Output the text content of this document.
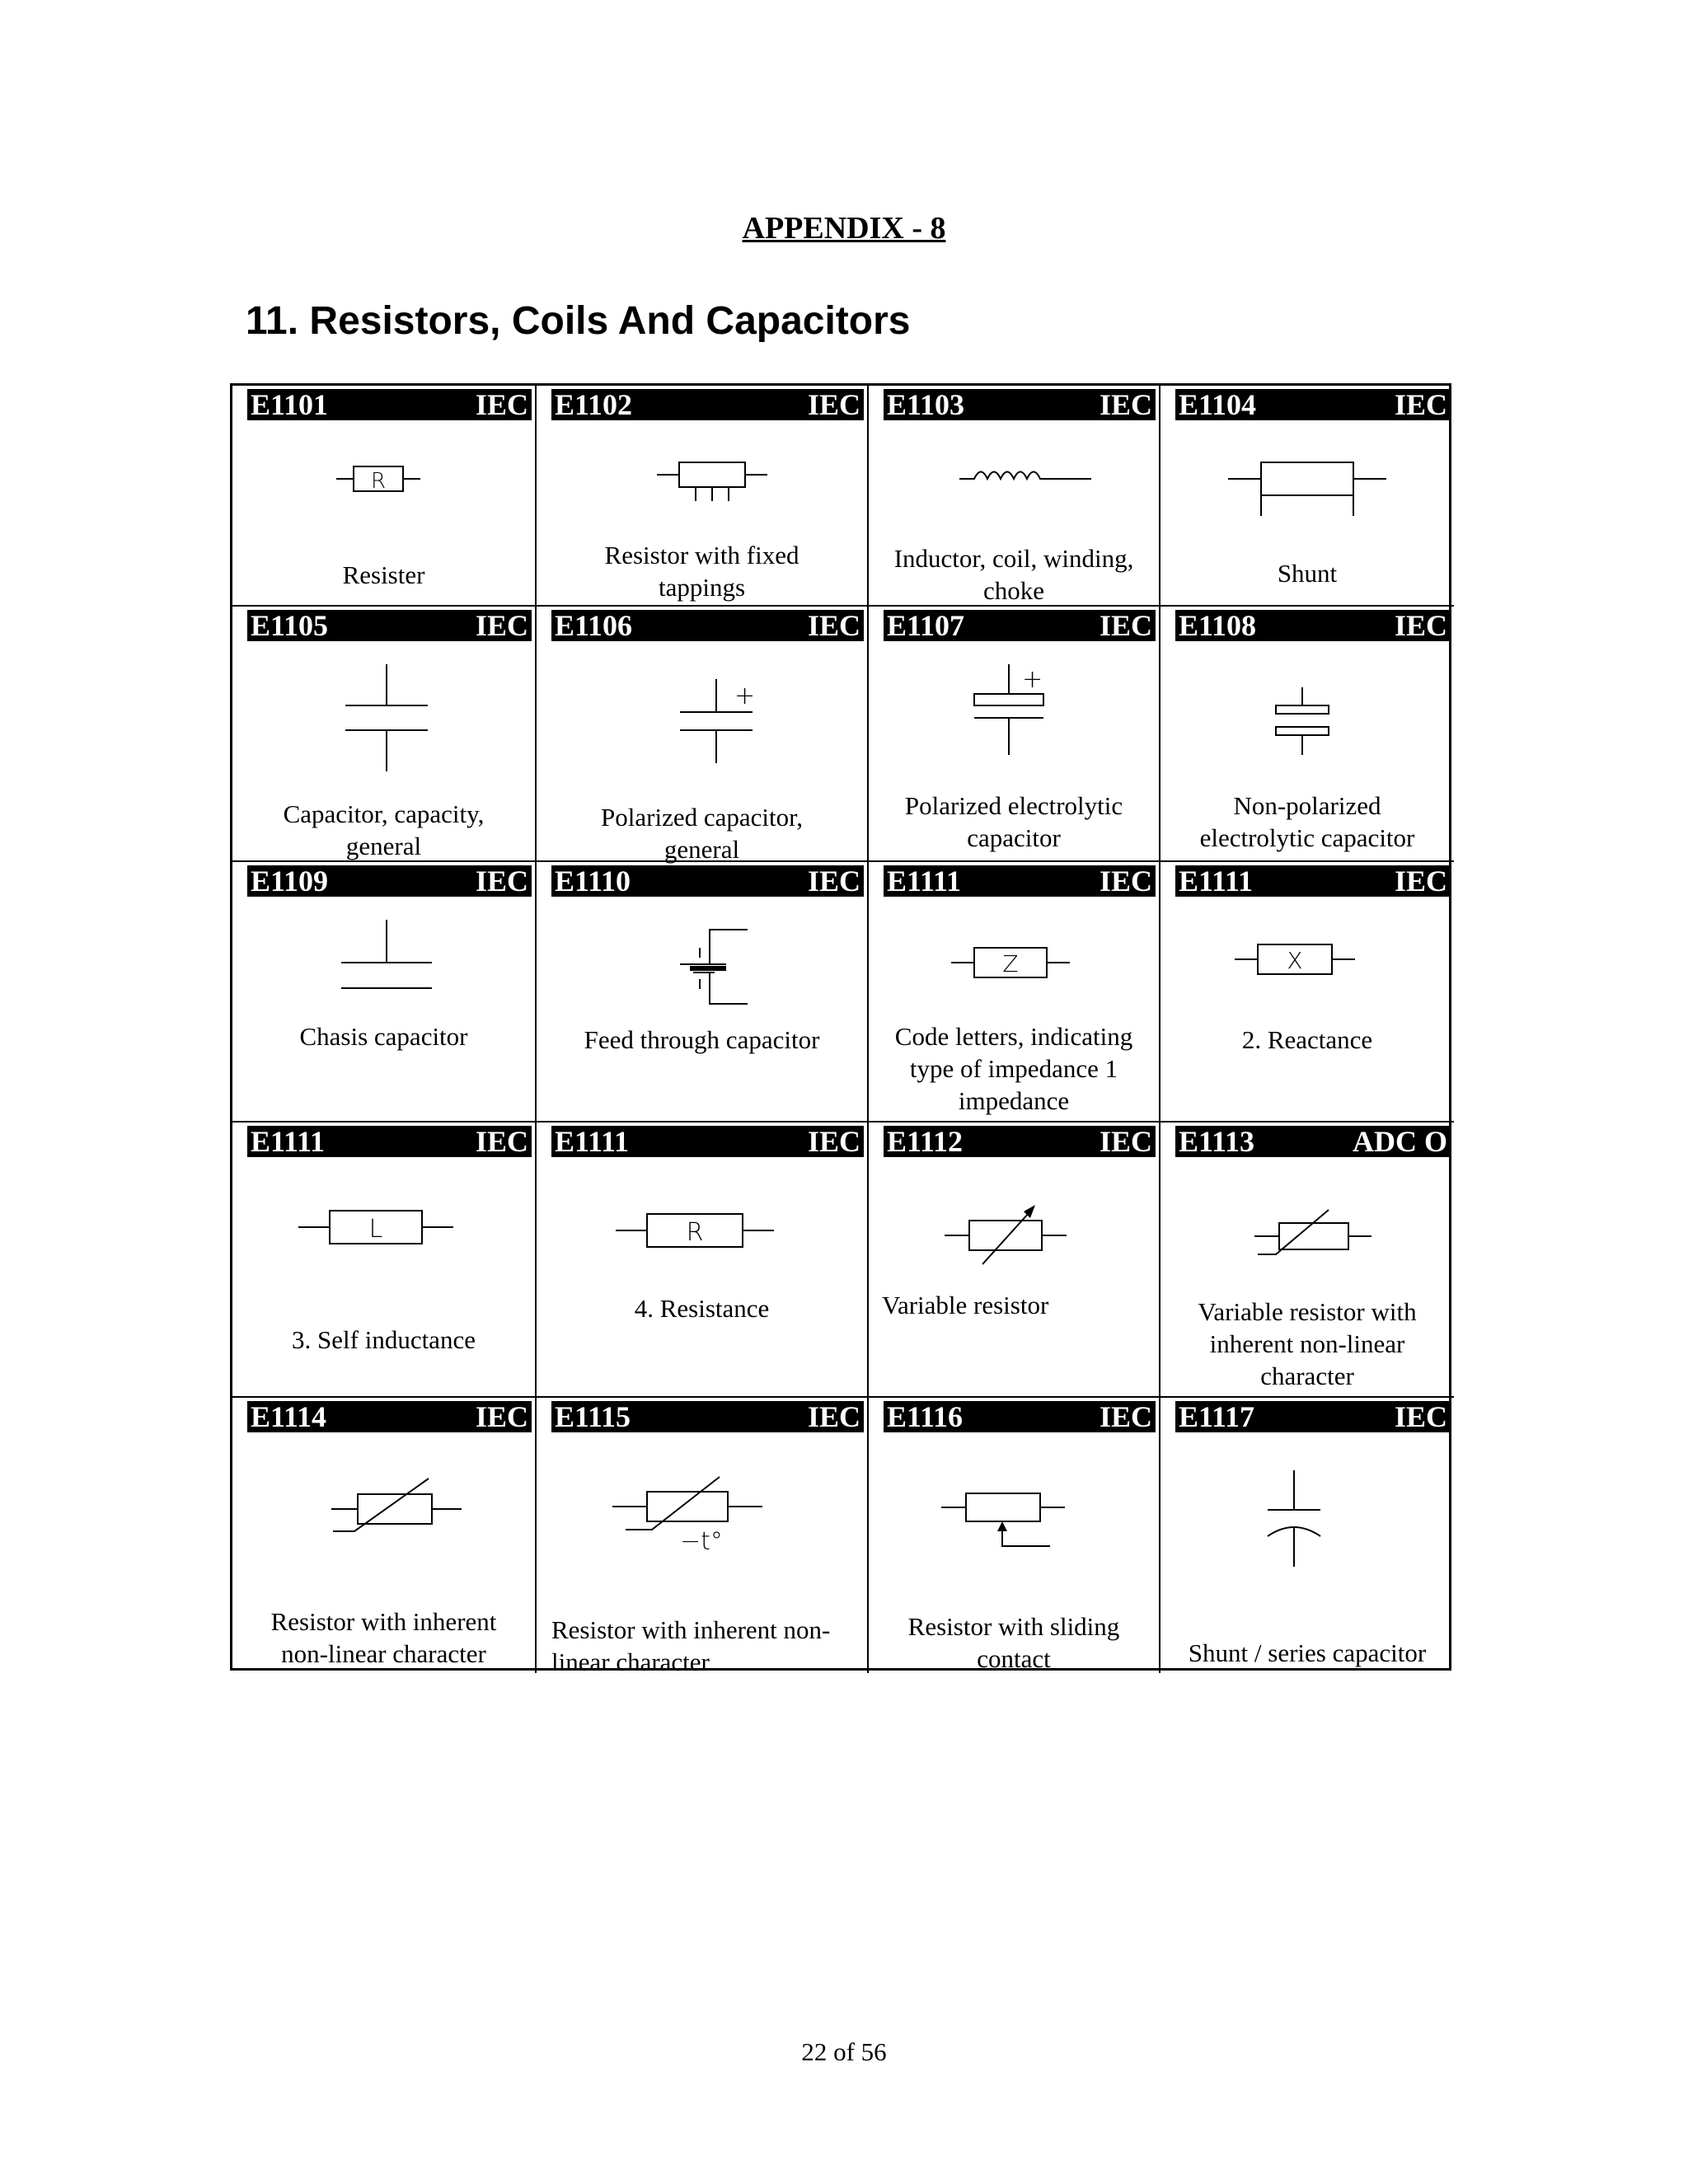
APPENDIX - 8
11. Resistors, Coils And Capacitors
E1101	IEC
R
Resister
E1102	IEC
Resistor with fixed tappings
E1103	IEC
Inductor, coil, winding, choke
E1104	IEC
Shunt
E1105	IEC
Capacitor, capacity, general
E1106	IEC
+
Polarized capacitor, general
E1107	IEC
+
Polarized electrolytic capacitor
E1108	IEC
Non-polarized electrolytic capacitor
E1109	IEC
Chasis capacitor
E1110	IEC
Feed through capacitor
E1111	IEC
Z
Code letters, indicating type of impedance 1 impedance
E1111	IEC
X
2. Reactance
E1111	IEC
L
3. Self inductance
E1111	IEC
R
4. Resistance
E1112	IEC
Variable resistor
E1113	ADC O
Variable resistor with inherent non-linear character
E1114	IEC
Resistor with inherent non-linear character
E1115	IEC
−t°
Resistor with inherent non-linear character
E1116	IEC
Resistor with sliding contact
E1117	IEC
Shunt / series capacitor
22 of 56
